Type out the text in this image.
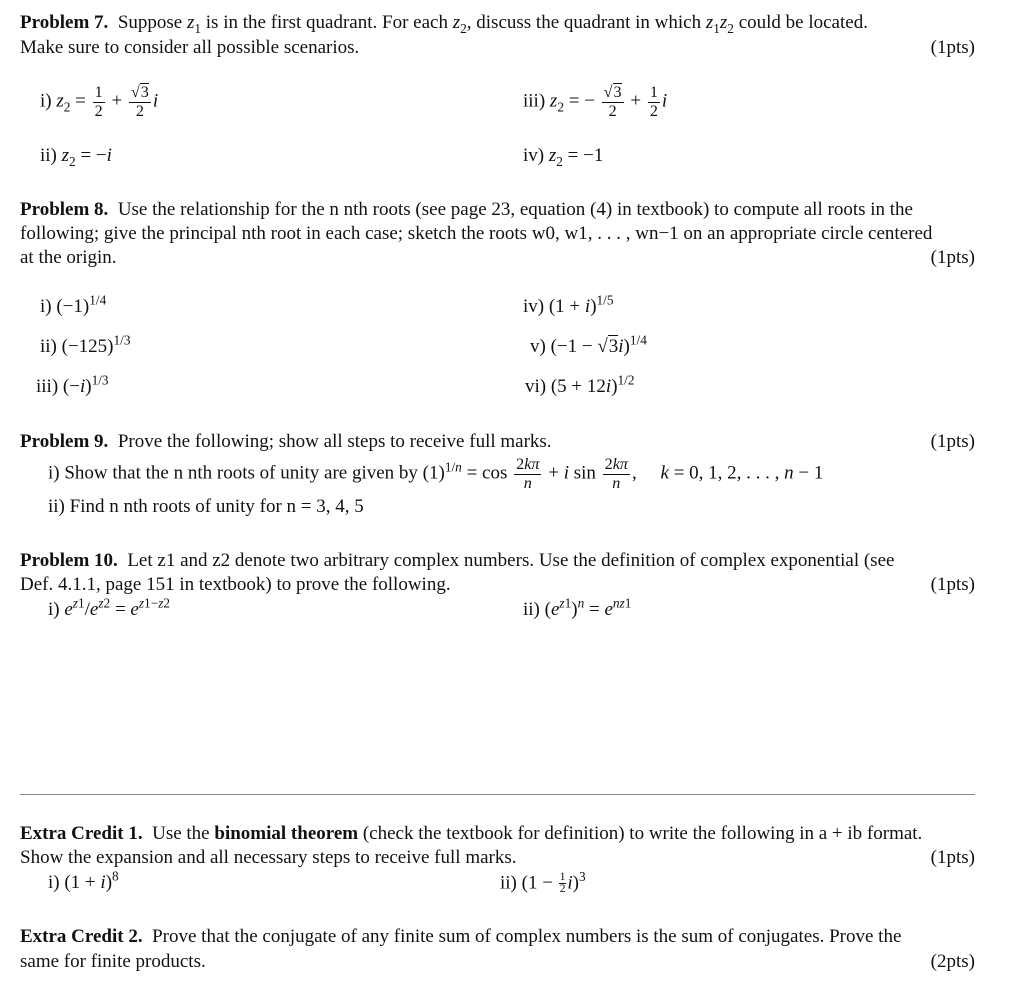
Problem 7. Suppose $z_1$ is in the first quadrant. For each $z_2$, discuss the quadrant in which $z_1z_2$ could be located.
Make sure to consider all possible scenarios.	(1pts)
i) $z_2 = \frac{1}{2} + \frac{√3}{2}$ i	iii) $z_2$ = − $\frac{√3}{2} + \frac{1}{2}$ i
ii) $z_2 = -i$	iv) $z_2 = -1$
Problem 8. Use the relationship for the n nth roots (see page 23, equation (4) in textbook) to compute all roots in the
following; give the principal nth root in each case; sketch the roots w0, w1, . . . , wn−1 on an appropriate circle centered
at the origin.	(1pts)
i) $(-1)^{1/4}$	iv) $(1 + i)^{1/5}$
ii) $(-125)^{1/3}$	v) $(-1 - √3i)^{1/4}$
iii) $(-i)^{1/3}$	vi) $(5 + 12i)^{1/2}$
Problem 9. Prove the following; show all steps to receive full marks.	(1pts)
i) Show that the n nth roots of unity are given by $(1)^{1/n} = \cos \frac{2k\pi}{n} + i$ $\sin \frac{2k\pi}{n}$ ,     k = 0, 1, 2, . . . , n − 1
ii) Find n nth roots of unity for n = 3, 4, 5
Problem 10. Let z1 and z2 denote two arbitrary complex numbers. Use the definition of complex exponential (see
Def. 4.1.1, page 151 in textbook) to prove the following.	(1pts)
i) $e^{z1}/e^{z2} = e^{z1-z2}$	ii) $(e^{z1})^n = e^{nz1}$
Extra Credit 1. Use the binomial theorem (check the textbook for definition) to write the following in a + ib format.
Show the expansion and all necessary steps to receive full marks.	(1pts)
i) $(1 + i)^8$	ii) $(1 - \frac{1}{2} i)^3$
Extra Credit 2. Prove that the conjugate of any finite sum of complex numbers is the sum of conjugates. Prove the
same for finite products.	(2pts)
